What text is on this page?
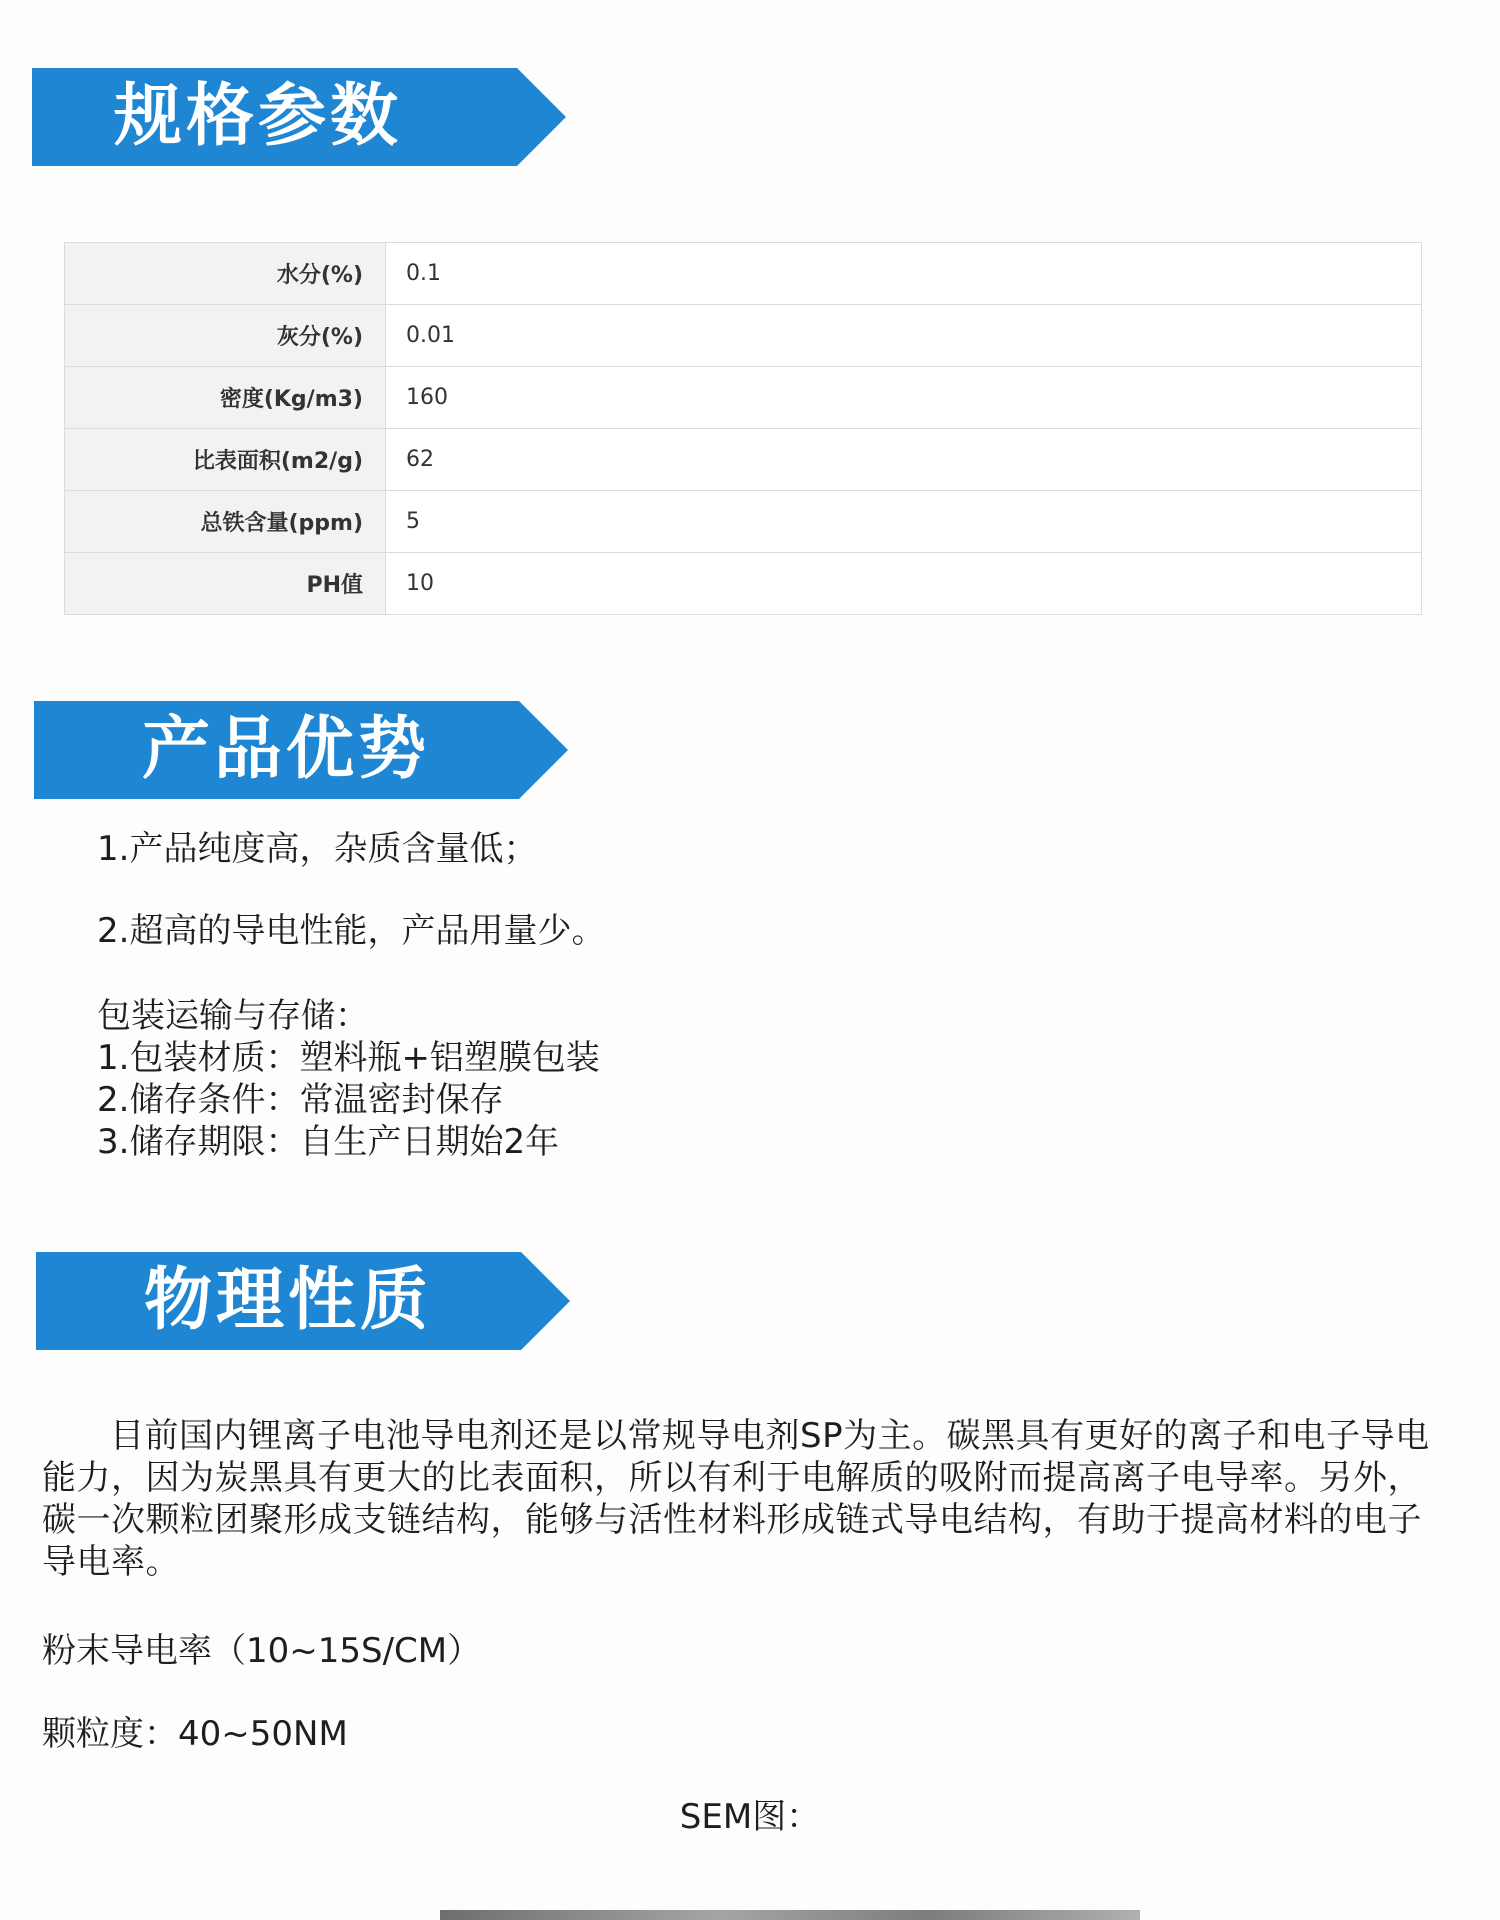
规格参数
水分(%)	0.1
灰分(%)	0.01
密度(Kg/m3)	160
比表面积(m2/g)	62
总铁含量(ppm)	5
PH值	10
产品优势

1.产品纯度高，杂质含量低；

2.超高的导电性能，产品用量少。

包装运输与存储：
1.包装材质：塑料瓶+铝塑膜包装
2.储存条件：常温密封保存
3.储存期限：自生产日期始2年
物理性质

目前国内锂离子电池导电剂还是以常规导电剂SP为主。碳黑具有更好的离子和电子导电能力，因为炭黑具有更大的比表面积，所以有利于电解质的吸附而提高离子电导率。另外，碳一次颗粒团聚形成支链结构，能够与活性材料形成链式导电结构，有助于提高材料的电子导电率。

粉末导电率（10~15S/CM）
颗粒度：40~50NM
SEM图：
